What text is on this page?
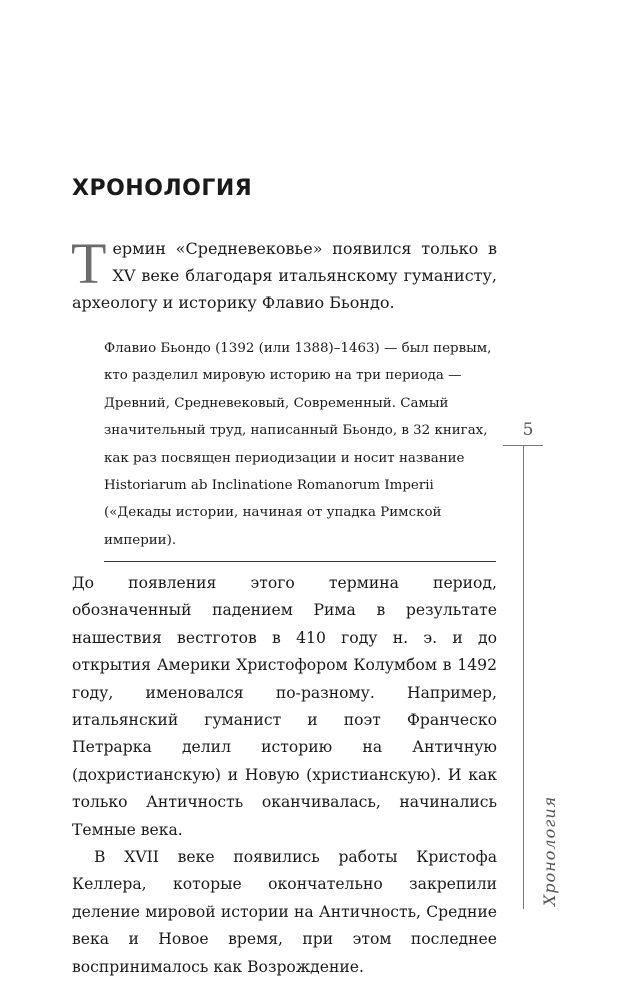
ХРОНОЛОГИЯ

Термин «Средневековье» появился только в XV веке благодаря итальянскому гуманисту, археологу и историку Флавио Бьондо.

Флавио Бьондо (1392 (или 1388)–1463) — был первым, кто разделил мировую историю на три периода — Древний, Средневековый, Современный. Самый значительный труд, написанный Бьондо, в 32 книгах, как раз посвящен периодизации и носит название Historiarum ab Inclinatione Romanorum Imperii («Декады истории, начиная от упадка Римской империи).

До появления этого термина период, обозначенный падением Рима в результате нашествия вестготов в 410 году н. э. и до открытия Америки Христофором Колумбом в 1492 году, именовался по-разному. Например, итальянский гуманист и поэт Франческо Петрарка делил историю на Античную (дохристианскую) и Новую (христианскую). И как только Античность оканчивалась, начинались Темные века.

В XVII веке появились работы Кристофа Келлера, которые окончательно закрепили деление мировой истории на Античность, Средние века и Новое время, при этом последнее воспринималось как Возрождение.

5
Хронология
